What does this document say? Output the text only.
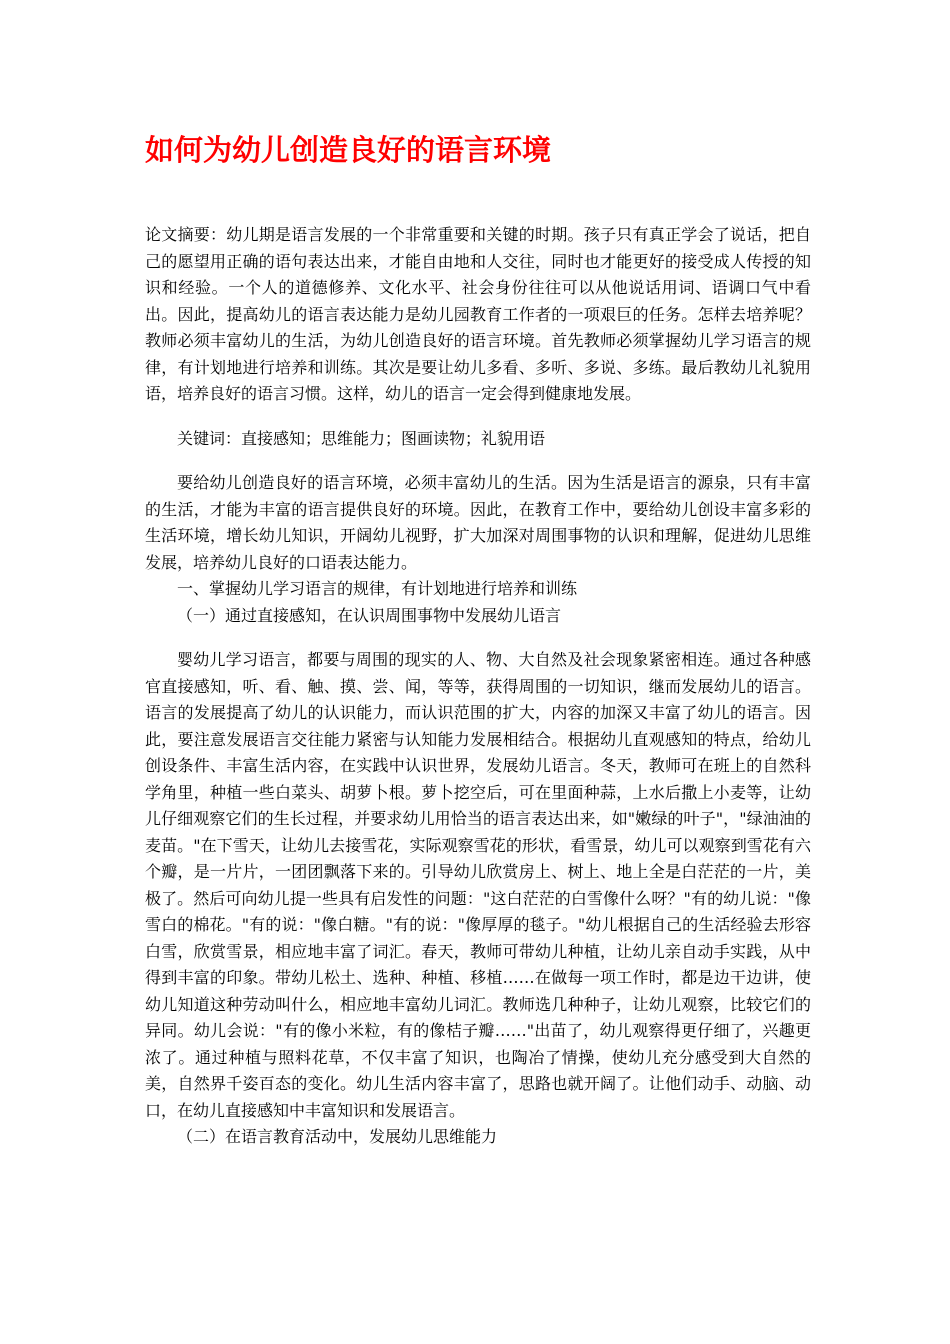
如何为幼儿创造良好的语言环境

论文摘要：幼儿期是语言发展的一个非常重要和关键的时期。孩子只有真正学会了说话，把自己的愿望用正确的语句表达出来，才能自由地和人交往，同时也才能更好的接受成人传授的知识和经验。一个人的道德修养、文化水平、社会身份往往可以从他说话用词、语调口气中看出。因此，提高幼儿的语言表达能力是幼儿园教育工作者的一项艰巨的任务。怎样去培养呢？教师必须丰富幼儿的生活，为幼儿创造良好的语言环境。首先教师必须掌握幼儿学习语言的规律，有计划地进行培养和训练。其次是要让幼儿多看、多听、多说、多练。最后教幼儿礼貌用语，培养良好的语言习惯。这样，幼儿的语言一定会得到健康地发展。

关键词：直接感知；思维能力；图画读物；礼貌用语

要给幼儿创造良好的语言环境，必须丰富幼儿的生活。因为生活是语言的源泉，只有丰富的生活，才能为丰富的语言提供良好的环境。因此，在教育工作中，要给幼儿创设丰富多彩的生活环境，增长幼儿知识，开阔幼儿视野，扩大加深对周围事物的认识和理解，促进幼儿思维发展，培养幼儿良好的口语表达能力。

一、掌握幼儿学习语言的规律，有计划地进行培养和训练

（一）通过直接感知，在认识周围事物中发展幼儿语言

婴幼儿学习语言，都要与周围的现实的人、物、大自然及社会现象紧密相连。通过各种感官直接感知，听、看、触、摸、尝、闻，等等，获得周围的一切知识，继而发展幼儿的语言。语言的发展提高了幼儿的认识能力，而认识范围的扩大，内容的加深又丰富了幼儿的语言。因此，要注意发展语言交往能力紧密与认知能力发展相结合。根据幼儿直观感知的特点，给幼儿创设条件、丰富生活内容，在实践中认识世界，发展幼儿语言。冬天，教师可在班上的自然科学角里，种植一些白菜头、胡萝卜根。萝卜挖空后，可在里面种蒜，上水后撒上小麦等，让幼儿仔细观察它们的生长过程，并要求幼儿用恰当的语言表达出来，如"嫩绿的叶子"，"绿油油的麦苗。"在下雪天，让幼儿去接雪花，实际观察雪花的形状，看雪景，幼儿可以观察到雪花有六个瓣，是一片片，一团团飘落下来的。引导幼儿欣赏房上、树上、地上全是白茫茫的一片，美极了。然后可向幼儿提一些具有启发性的问题："这白茫茫的白雪像什么呀？"有的幼儿说："像雪白的棉花。"有的说："像白糖。"有的说："像厚厚的毯子。"幼儿根据自己的生活经验去形容白雪，欣赏雪景，相应地丰富了词汇。春天，教师可带幼儿种植，让幼儿亲自动手实践，从中得到丰富的印象。带幼儿松土、选种、种植、移植……在做每一项工作时，都是边干边讲，使幼儿知道这种劳动叫什么，相应地丰富幼儿词汇。教师选几种种子，让幼儿观察，比较它们的异同。幼儿会说："有的像小米粒，有的像桔子瓣……"出苗了，幼儿观察得更仔细了，兴趣更浓了。通过种植与照料花草，不仅丰富了知识，也陶冶了情操，使幼儿充分感受到大自然的美，自然界千姿百态的变化。幼儿生活内容丰富了，思路也就开阔了。让他们动手、动脑、动口，在幼儿直接感知中丰富知识和发展语言。

（二）在语言教育活动中，发展幼儿思维能力
